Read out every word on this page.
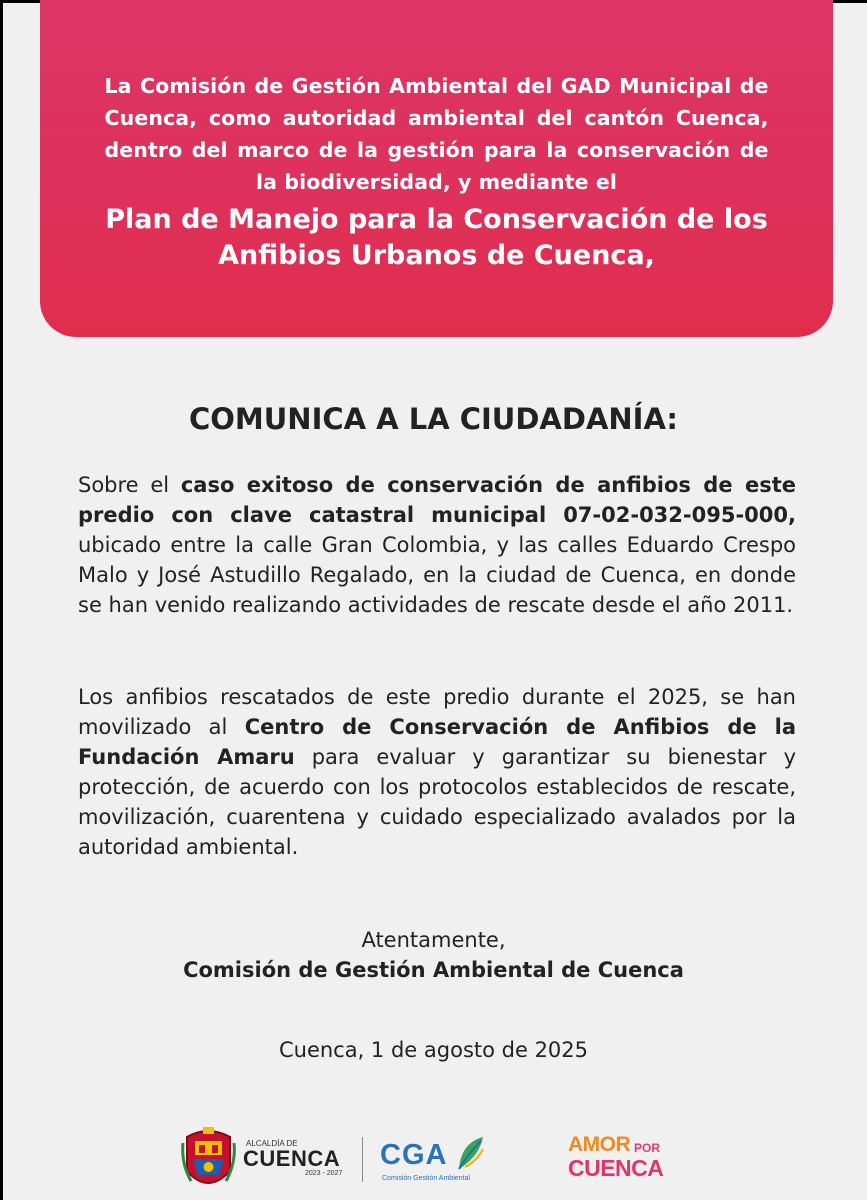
La Comisión de Gestión Ambiental del GAD Municipal de Cuenca, como autoridad ambiental del cantón Cuenca, dentro del marco de la gestión para la conservación de la biodiversidad, y mediante el

Plan de Manejo para la Conservación de los Anfibios Urbanos de Cuenca,

COMUNICA A LA CIUDADANÍA:

Sobre el caso exitoso de conservación de anfibios de este predio con clave catastral municipal 07-02-032-095-000, ubicado entre la calle Gran Colombia, y las calles Eduardo Crespo Malo y José Astudillo Regalado, en la ciudad de Cuenca, en donde se han venido realizando actividades de rescate desde el año 2011.

Los anfibios rescatados de este predio durante el 2025, se han movilizado al Centro de Conservación de Anfibios de la Fundación Amaru para evaluar y garantizar su bienestar y protección, de acuerdo con los protocolos establecidos de rescate, movilización, cuarentena y cuidado especializado avalados por la autoridad ambiental.

Atentamente,

Comisión de Gestión Ambiental de Cuenca

Cuenca, 1 de agosto de 2025

ALCALDÍA DE
CUENCA
2023 - 2027
CGA
Comisión Gestión Ambiental
AMOR POR
CUENCA
